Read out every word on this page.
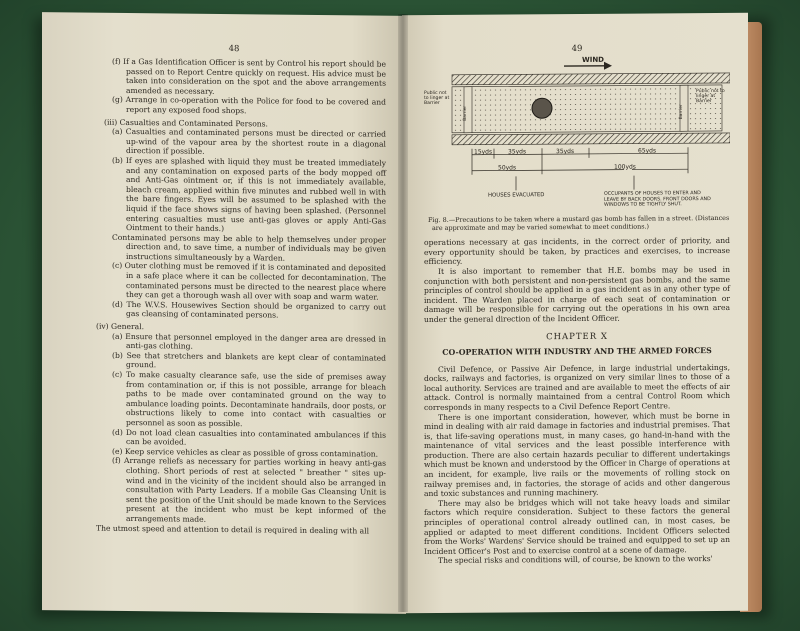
48

(f) If a Gas Identification Officer is sent by Control his report should be passed on to Report Centre quickly on request. His advice must be taken into consideration on the spot and the above arrangements amended as necessary.

(g) Arrange in co-operation with the Police for food to be covered and report any exposed food shops.

(iii) Casualties and Contaminated Persons.

(a) Casualties and contaminated persons must be directed or carried up-wind of the vapour area by the shortest route in a diagonal direction if possible.

(b) If eyes are splashed with liquid they must be treated immediately and any contamination on exposed parts of the body mopped off and Anti-Gas ointment or, if this is not immediately available, bleach cream, applied within five minutes and rubbed well in with the bare fingers. Eyes will be assumed to be splashed with the liquid if the face shows signs of having been splashed. (Personnel entering casualties must use anti-gas gloves or apply Anti-Gas Ointment to their hands.)

Contaminated persons may be able to help themselves under proper direction and, to save time, a number of individuals may be given instructions simultaneously by a Warden.

(c) Outer clothing must be removed if it is contaminated and deposited in a safe place where it can be collected for decontamination. The contaminated persons must be directed to the nearest place where they can get a thorough wash all over with soap and warm water.

(d) The W.V.S. Housewives Section should be organized to carry out gas cleansing of contaminated persons.

(iv) General.

(a) Ensure that personnel employed in the danger area are dressed in anti-gas clothing.

(b) See that stretchers and blankets are kept clear of contaminated ground.

(c) To make casualty clearance safe, use the side of premises away from contamination or, if this is not possible, arrange for bleach paths to be made over contaminated ground on the way to ambulance loading points. Decontaminate handrails, door posts, or obstructions likely to come into contact with casualties or personnel as soon as possible.

(d) Do not load clean casualties into contaminated ambulances if this can be avoided.

(e) Keep service vehicles as clear as possible of gross contamination.

(f) Arrange reliefs as necessary for parties working in heavy anti-gas clothing. Short periods of rest at selected " breather " sites up-wind and in the vicinity of the incident should also be arranged in consultation with Party Leaders. If a mobile Gas Cleansing Unit is sent the position of the Unit should be made known to the Services present at the incident who must be kept informed of the arrangements made.

The utmost speed and attention to detail is required in dealing with all

49
WIND
Public not to linger at Barrier
Public not to linger at Barrier
Barrier	Barrier
15yds	35yds	35yds	65yds
50yds	100yds
HOUSES EVACUATED	OCCUPANTS OF HOUSES TO ENTER AND LEAVE BY BACK DOORS. FRONT DOORS AND WINDOWS TO BE TIGHTLY SHUT.
Fig. 8.—Precautions to be taken where a mustard gas bomb has fallen in a street. (Distances are approximate and may be varied somewhat to meet conditions.)

operations necessary at gas incidents, in the correct order of priority, and every opportunity should be taken, by practices and exercises, to increase efficiency.

It is also important to remember that H.E. bombs may be used in conjunction with both persistent and non-persistent gas bombs, and the same principles of control should be applied in a gas incident as in any other type of incident. The Warden placed in charge of each seat of contamination or damage will be responsible for carrying out the operations in his own area under the general direction of the Incident Officer.

CHAPTER X
CO-OPERATION WITH INDUSTRY AND THE ARMED FORCES

Civil Defence, or Passive Air Defence, in large industrial undertakings, docks, railways and factories, is organized on very similar lines to those of a local authority. Services are trained and are available to meet the effects of air attack. Control is normally maintained from a central Control Room which corresponds in many respects to a Civil Defence Report Centre.

There is one important consideration, however, which must be borne in mind in dealing with air raid damage in factories and industrial premises. That is, that life-saving operations must, in many cases, go hand-in-hand with the maintenance of vital services and the least possible interference with production. There are also certain hazards peculiar to different undertakings which must be known and understood by the Officer in Charge of operations at an incident, for example, live rails or the movements of rolling stock on railway premises and, in factories, the storage of acids and other dangerous and toxic substances and running machinery.

There may also be bridges which will not take heavy loads and similar factors which require consideration. Subject to these factors the general principles of operational control already outlined can, in most cases, be applied or adapted to meet different conditions. Incident Officers selected from the Works' Wardens' Service should be trained and equipped to set up an Incident Officer's Post and to exercise control at a scene of damage.

The special risks and conditions will, of course, be known to the works'
